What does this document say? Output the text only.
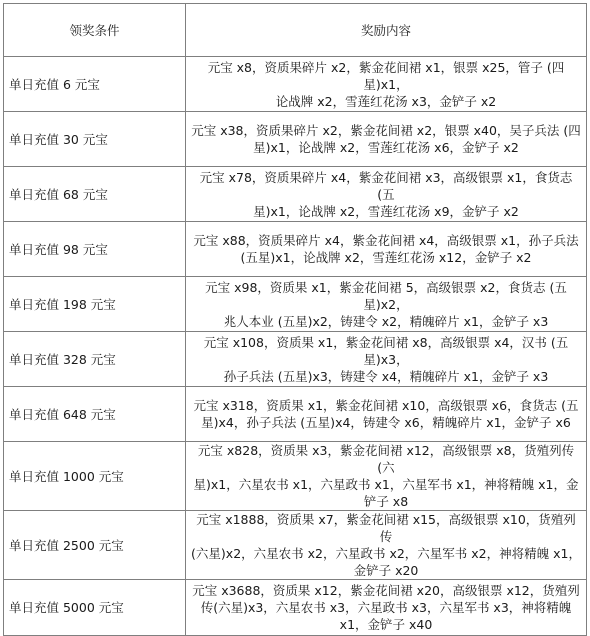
领奖条件	奖励内容
单日充值 6 元宝	元宝 x8，资质果碎片 x2，紫金花间裙 x1，银票 x25，管子 (四星)x1，
论战牌 x2，雪莲红花汤 x3，金铲子 x2
单日充值 30 元宝	元宝 x38，资质果碎片 x2，紫金花间裙 x2，银票 x40，吴子兵法 (四
星)x1，论战牌 x2，雪莲红花汤 x6，金铲子 x2
单日充值 68 元宝	元宝 x78，资质果碎片 x4，紫金花间裙 x3，高级银票 x1，食货志 (五
星)x1，论战牌 x2，雪莲红花汤 x9，金铲子 x2
单日充值 98 元宝	元宝 x88，资质果碎片 x4，紫金花间裙 x4，高级银票 x1，孙子兵法
(五星)x1，论战牌 x2，雪莲红花汤 x12，金铲子 x2
单日充值 198 元宝	元宝 x98，资质果 x1，紫金花间裙 5，高级银票 x2，食货志 (五星)x2，
兆人本业 (五星)x2，铸建令 x2，精魄碎片 x1，金铲子 x3
单日充值 328 元宝	元宝 x108，资质果 x1，紫金花间裙 x8，高级银票 x4，汉书 (五星)x3，
孙子兵法 (五星)x3，铸建令 x4，精魄碎片 x1，金铲子 x3
单日充值 648 元宝	元宝 x318，资质果 x1，紫金花间裙 x10，高级银票 x6，食货志 (五
星)x4，孙子兵法 (五星)x4，铸建令 x6，精魄碎片 x1，金铲子 x6
单日充值 1000 元宝	元宝 x828，资质果 x3，紫金花间裙 x12，高级银票 x8，货殖列传 (六
星)x1，六星农书 x1，六星政书 x1，六星军书 x1，神将精魄 x1，金
铲子 x8
单日充值 2500 元宝	元宝 x1888，资质果 x7，紫金花间裙 x15，高级银票 x10，货殖列传
(六星)x2，六星农书 x2，六星政书 x2，六星军书 x2，神将精魄 x1，
金铲子 x20
单日充值 5000 元宝	元宝 x3688，资质果 x12，紫金花间裙 x20，高级银票 x12，货殖列
传(六星)x3，六星农书 x3，六星政书 x3，六星军书 x3，神将精魄
x1，金铲子 x40
